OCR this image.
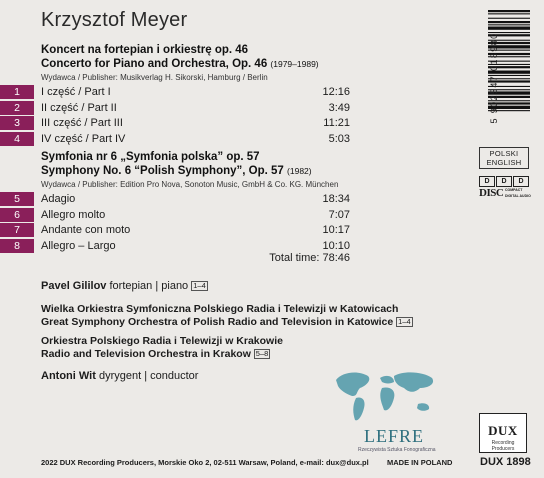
Krzysztof Meyer
Koncert na fortepian i orkiestrę op. 46
Concerto for Piano and Orchestra, Op. 46 (1979–1989)
Wydawca / Publisher: Musikverlag H. Sikorski, Hamburg / Berlin
1	I część / Part I	12:16
2	II część / Part II	3:49
3	III część / Part III	11:21
4	IV część / Part IV	5:03
Symfonia nr 6 „Symfonia polska” op. 57
Symphony No. 6 “Polish Symphony”, Op. 57 (1982)
Wydawca / Publisher: Edition Pro Nova, Sonoton Music, GmbH & Co. KG. München
5	Adagio	18:34
6	Allegro molto	7:07
7	Andante con moto	10:17
8	Allegro – Largo	10:10
Total time: 78:46
Pavel Gililov fortepian | piano 1–4
Wielka Orkiestra Symfoniczna Polskiego Radia i Telewizji w Katowicach
Great Symphony Orchestra of Polish Radio and Television in Katowice 1–4
Orkiestra Polskiego Radia i Telewizji w Krakowie
Radio and Television Orchestra in Krakow 5–8
Antoni Wit dyrygent | conductor
5 902547 018980
POLSKI
ENGLISH
D	D	D
DISC COMPACT
DIGITAL AUDIO
LEFRE
Rzeczywista Sztuka Fonograficzna
DUX
Recording Producers
2022 DUX Recording Producers, Morskie Oko 2, 02-511 Warsaw, Poland, e-mail: dux@dux.pl MADE IN POLAND	DUX 1898
